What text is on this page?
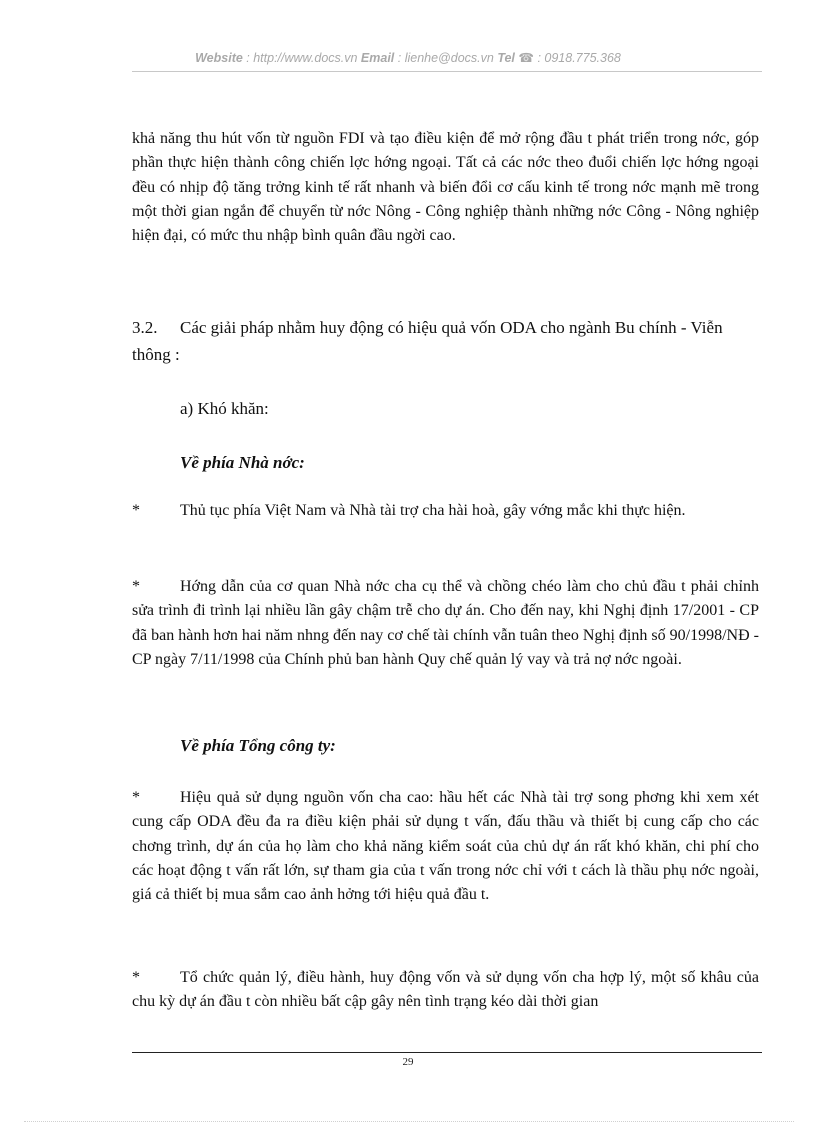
Website : http://www.docs.vn Email : lienhe@docs.vn Tel ☎ : 0918.775.368

khả năng thu hút vốn từ nguồn FDI và tạo điều kiện để mở rộng đầu t phát triển trong nớc, góp phần thực hiện thành công chiến lợc hớng ngoại. Tất cả các nớc theo đuổi chiến lợc hớng ngoại đều có nhịp độ tăng trởng kinh tế rất nhanh và biến đổi cơ cấu kinh tế trong nớc mạnh mẽ trong một thời gian ngắn để chuyển từ nớc Nông - Công nghiệp thành những nớc Công - Nông nghiệp hiện đại, có mức thu nhập bình quân đầu ngời cao.

3.2. Các giải pháp nhằm huy động có hiệu quả vốn ODA cho ngành Bu chính - Viễn thông :

a) Khó khăn:

Về phía Nhà nớc:

*	Thủ tục phía Việt Nam và Nhà tài trợ cha hài hoà, gây vớng mắc khi thực hiện.

*	Hớng dẫn của cơ quan Nhà nớc cha cụ thể và chồng chéo làm cho chủ đầu t phải chỉnh sửa trình đi trình lại nhiều lần gây chậm trễ cho dự án. Cho đến nay, khi Nghị định 17/2001 - CP đã ban hành hơn hai năm nhng đến nay cơ chế tài chính vẫn tuân theo Nghị định số 90/1998/NĐ - CP ngày 7/11/1998 của Chính phủ ban hành Quy chế quản lý vay và trả nợ nớc ngoài.

Về phía Tổng công ty:

*	Hiệu quả sử dụng nguồn vốn cha cao: hầu hết các Nhà tài trợ song phơng khi xem xét cung cấp ODA đều đa ra điều kiện phải sử dụng t vấn, đấu thầu và thiết bị cung cấp cho các chơng trình, dự án của họ làm cho khả năng kiểm soát của chủ dự án rất khó khăn, chi phí cho các hoạt động t vấn rất lớn, sự tham gia của t vấn trong nớc chỉ với t cách là thầu phụ nớc ngoài, giá cả thiết bị mua sắm cao ảnh hởng tới hiệu quả đầu t.

*	Tổ chức quản lý, điều hành, huy động vốn và sử dụng vốn cha hợp lý, một số khâu của chu kỳ dự án đầu t còn nhiều bất cập gây nên tình trạng kéo dài thời gian

29
